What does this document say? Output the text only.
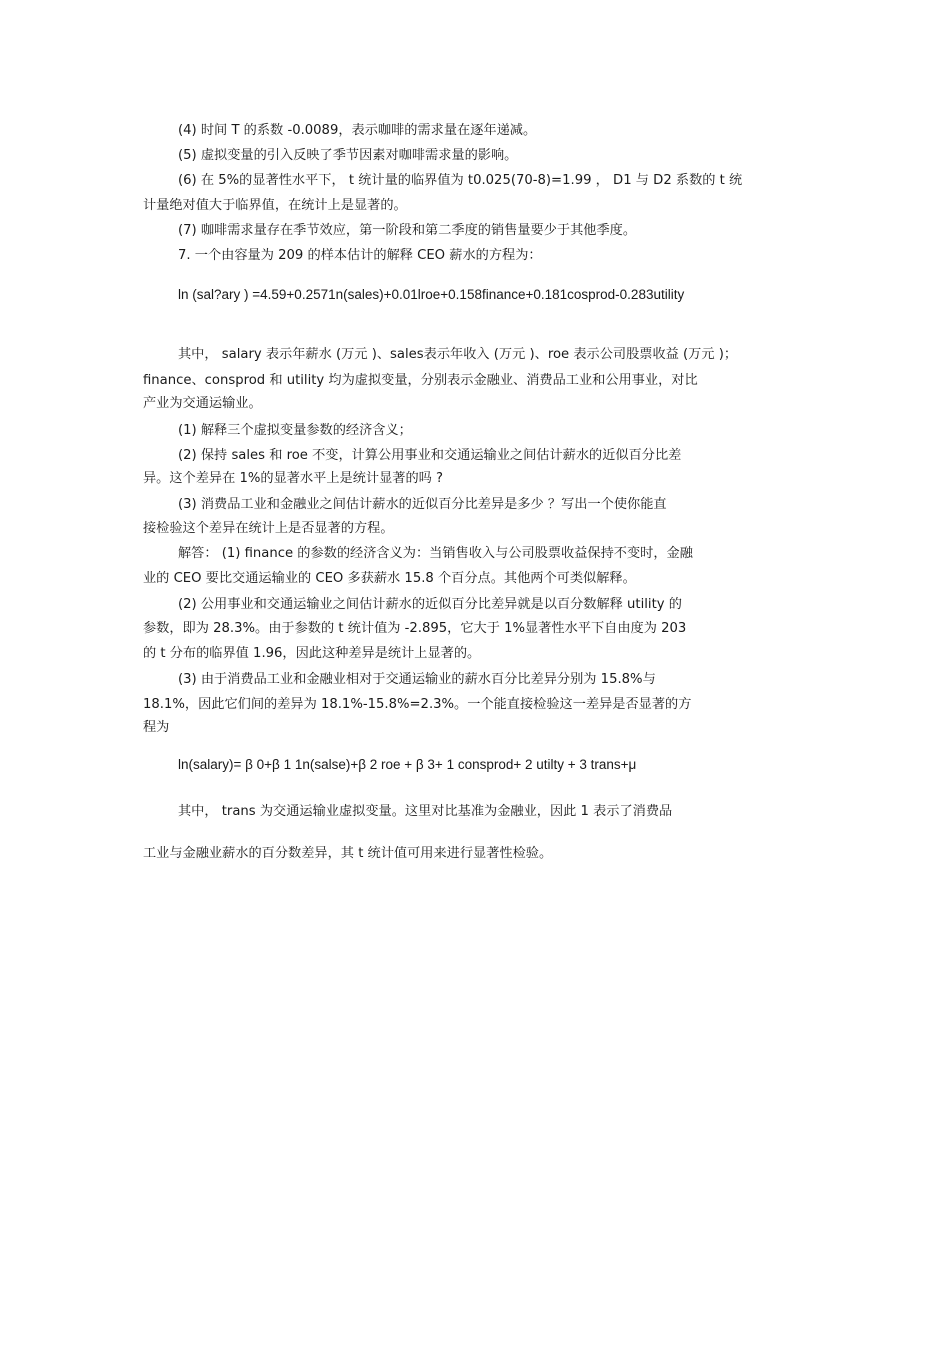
(4) 时间 T 的系数 -0.0089，表示咖啡的需求量在逐年递减。
(5) 虚拟变量的引入反映了季节因素对咖啡需求量的影响。
(6) 在 5%的显著性水平下， t 统计量的临界值为 t0.025(70-8)=1.99 ， D1 与 D2 系数的 t 统
计量绝对值大于临界值，在统计上是显著的。
(7) 咖啡需求量存在季节效应，第一阶段和第二季度的销售量要少于其他季度。
7. 一个由容量为 209 的样本估计的解释 CEO 薪水的方程为：
ln (sal?ary ) =4.59+0.2571n(sales)+0.01lroe+0.158finance+0.181cosprod-0.283utility
其中， salary 表示年薪水 (万元 )、sales表示年收入 (万元 )、roe 表示公司股票收益 (万元 )；
finance、consprod 和 utility 均为虚拟变量，分别表示金融业、消费品工业和公用事业，对比
产业为交通运输业。
(1) 解释三个虚拟变量参数的经济含义；
(2) 保持 sales 和 roe 不变，计算公用事业和交通运输业之间估计薪水的近似百分比差
异。这个差异在 1%的显著水平上是统计显著的吗 ?
(3) 消费品工业和金融业之间估计薪水的近似百分比差异是多少 ？写出一个使你能直
接检验这个差异在统计上是否显著的方程。
解答： (1) finance 的参数的经济含义为：当销售收入与公司股票收益保持不变时，金融
业的 CEO 要比交通运输业的 CEO 多获薪水 15.8 个百分点。其他两个可类似解释。
(2) 公用事业和交通运输业之间估计薪水的近似百分比差异就是以百分数解释 utility 的
参数，即为 28.3%。由于参数的 t 统计值为 -2.895，它大于 1%显著性水平下自由度为 203
的 t 分布的临界值 1.96，因此这种差异是统计上显著的。
(3) 由于消费品工业和金融业相对于交通运输业的薪水百分比差异分别为 15.8%与
18.1%，因此它们间的差异为 18.1%-15.8%=2.3%。一个能直接检验这一差异是否显著的方
程为
ln(salary)= β 0+β 1 1n(salse)+β 2 roe + β 3+ 1 consprod+ 2 utilty + 3 trans+μ
其中， trans 为交通运输业虚拟变量。这里对比基准为金融业，因此 1 表示了消费品
工业与金融业薪水的百分数差异，其 t 统计值可用来进行显著性检验。
